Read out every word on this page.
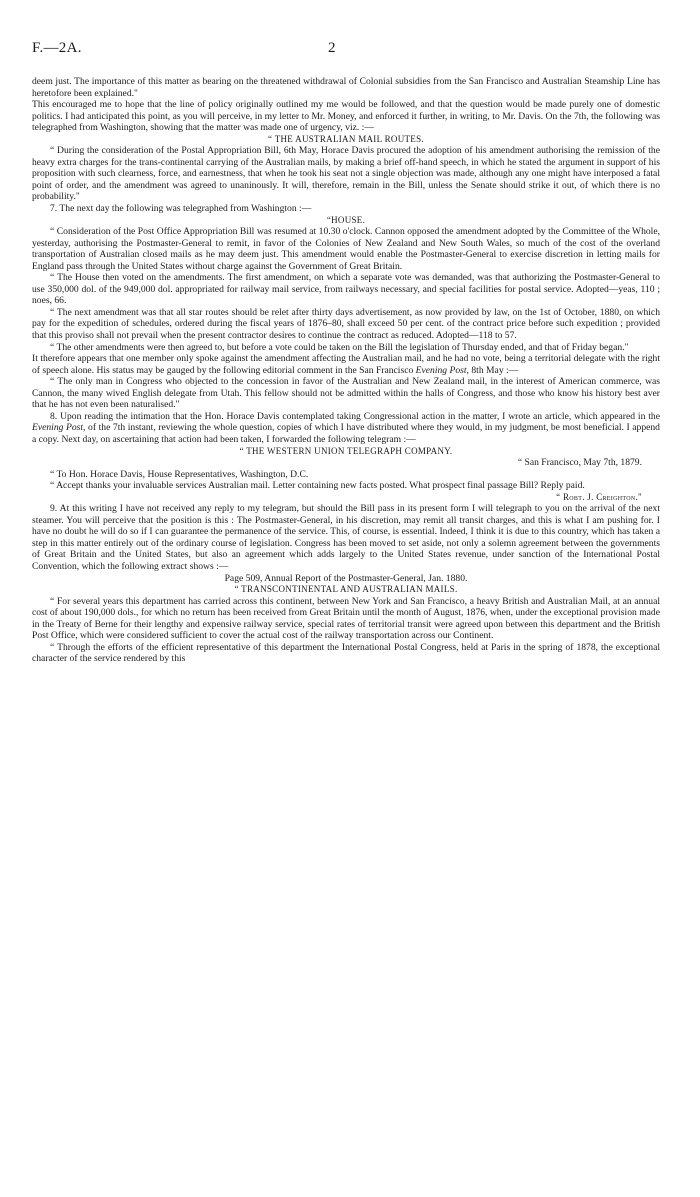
F.—2A.	2

deem just. The importance of this matter as bearing on the threatened withdrawal of Colonial subsidies from the San Francisco and Australian Steamship Line has heretofore been explained."

This encouraged me to hope that the line of policy originally outlined my me would be followed, and that the question would be made purely one of domestic politics. I had anticipated this point, as you will perceive, in my letter to Mr. Money, and enforced it further, in writing, to Mr. Davis. On the 7th, the following was telegraphed from Washington, showing that the matter was made one of urgency, viz. :—

“ THE AUSTRALIAN MAIL ROUTES.

“ During the consideration of the Postal Appropriation Bill, 6th May, Horace Davis procured the adoption of his amendment authorising the remission of the heavy extra charges for the trans-continental carrying of the Australian mails, by making a brief off-hand speech, in which he stated the argument in support of his proposition with such clearness, force, and earnestness, that when he took his seat not a single objection was made, although any one might have interposed a fatal point of order, and the amendment was agreed to unaninously. It will, therefore, remain in the Bill, unless the Senate should strike it out, of which there is no probability."

7. The next day the following was telegraphed from Washington :—

“HOUSE.

“ Consideration of the Post Office Appropriation Bill was resumed at 10.30 o'clock. Cannon opposed the amendment adopted by the Committee of the Whole, yesterday, authorising the Postmaster-General to remit, in favor of the Colonies of New Zealand and New South Wales, so much of the cost of the overland transportation of Australian closed mails as he may deem just. This amendment would enable the Postmaster-General to exercise discretion in letting mails for England pass through the United States without charge against the Government of Great Britain.

“ The House then voted on the amendments. The first amendment, on which a separate vote was demanded, was that authorizing the Postmaster-General to use 350,000 dol. of the 949,000 dol. appropriated for railway mail service, from railways necessary, and special facilities for postal service. Adopted—yeas, 110 ; noes, 66.

“ The next amendment was that all star routes should be relet after thirty days advertisement, as now provided by law, on the 1st of October, 1880, on which pay for the expedition of schedules, ordered during the fiscal years of 1876–80, shall exceed 50 per cent. of the contract price before such expedition ; provided that this proviso shall not prevail when the present contractor desires to continue the contract as reduced. Adopted—118 to 57.

“ The other amendments were then agreed to, but before a vote could be taken on the Bill the legislation of Thursday ended, and that of Friday began."

It therefore appears that one member only spoke against the amendment affecting the Australian mail, and he had no vote, being a territorial delegate with the right of speech alone. His status may be gauged by the following editorial comment in the San Francisco Evening Post, 8th May :—

“ The only man in Congress who objected to the concession in favor of the Australian and New Zealand mail, in the interest of American commerce, was Cannon, the many wived English delegate from Utah. This fellow should not be admitted within the halls of Congress, and those who know his history best aver that he has not even been naturalised."

8. Upon reading the intimation that the Hon. Horace Davis contemplated taking Congressional action in the matter, I wrote an article, which appeared in the Evening Post, of the 7th instant, reviewing the whole question, copies of which I have distributed where they would, in my judgment, be most beneficial. I append a copy. Next day, on ascertaining that action had been taken, I forwarded the following telegram :—

“ THE WESTERN UNION TELEGRAPH COMPANY.

“ San Francisco, May 7th, 1879.

“ To Hon. Horace Davis, House Representatives, Washington, D.C.

“ Accept thanks your invaluable services Australian mail. Letter containing new facts posted. What prospect final passage Bill? Reply paid.

“ Robt. J. Creighton."

9. At this writing I have not received any reply to my telegram, but should the Bill pass in its present form I will telegraph to you on the arrival of the next steamer. You will perceive that the position is this : The Postmaster-General, in his discretion, may remit all transit charges, and this is what I am pushing for. I have no doubt he will do so if I can guarantee the permanence of the service. This, of course, is essential. Indeed, I think it is due to this country, which has taken a step in this matter entirely out of the ordinary course of legislation. Congress has been moved to set aside, not only a solemn agreement between the governments of Great Britain and the United States, but also an agreement which adds largely to the United States revenue, under sanction of the International Postal Convention, which the following extract shows :—

Page 509, Annual Report of the Postmaster-General, Jan. 1880.

“ TRANSCONTINENTAL AND AUSTRALIAN MAILS.

“ For several years this department has carried across this continent, between New York and San Francisco, a heavy British and Australian Mail, at an annual cost of about 190,000 dols., for which no return has been received from Great Britain until the month of August, 1876, when, under the exceptional provision made in the Treaty of Berne for their lengthy and expensive railway service, special rates of territorial transit were agreed upon between this department and the British Post Office, which were considered sufficient to cover the actual cost of the railway transportation across our Continent.

“ Through the efforts of the efficient representative of this department the International Postal Congress, held at Paris in the spring of 1878, the exceptional character of the service rendered by this
